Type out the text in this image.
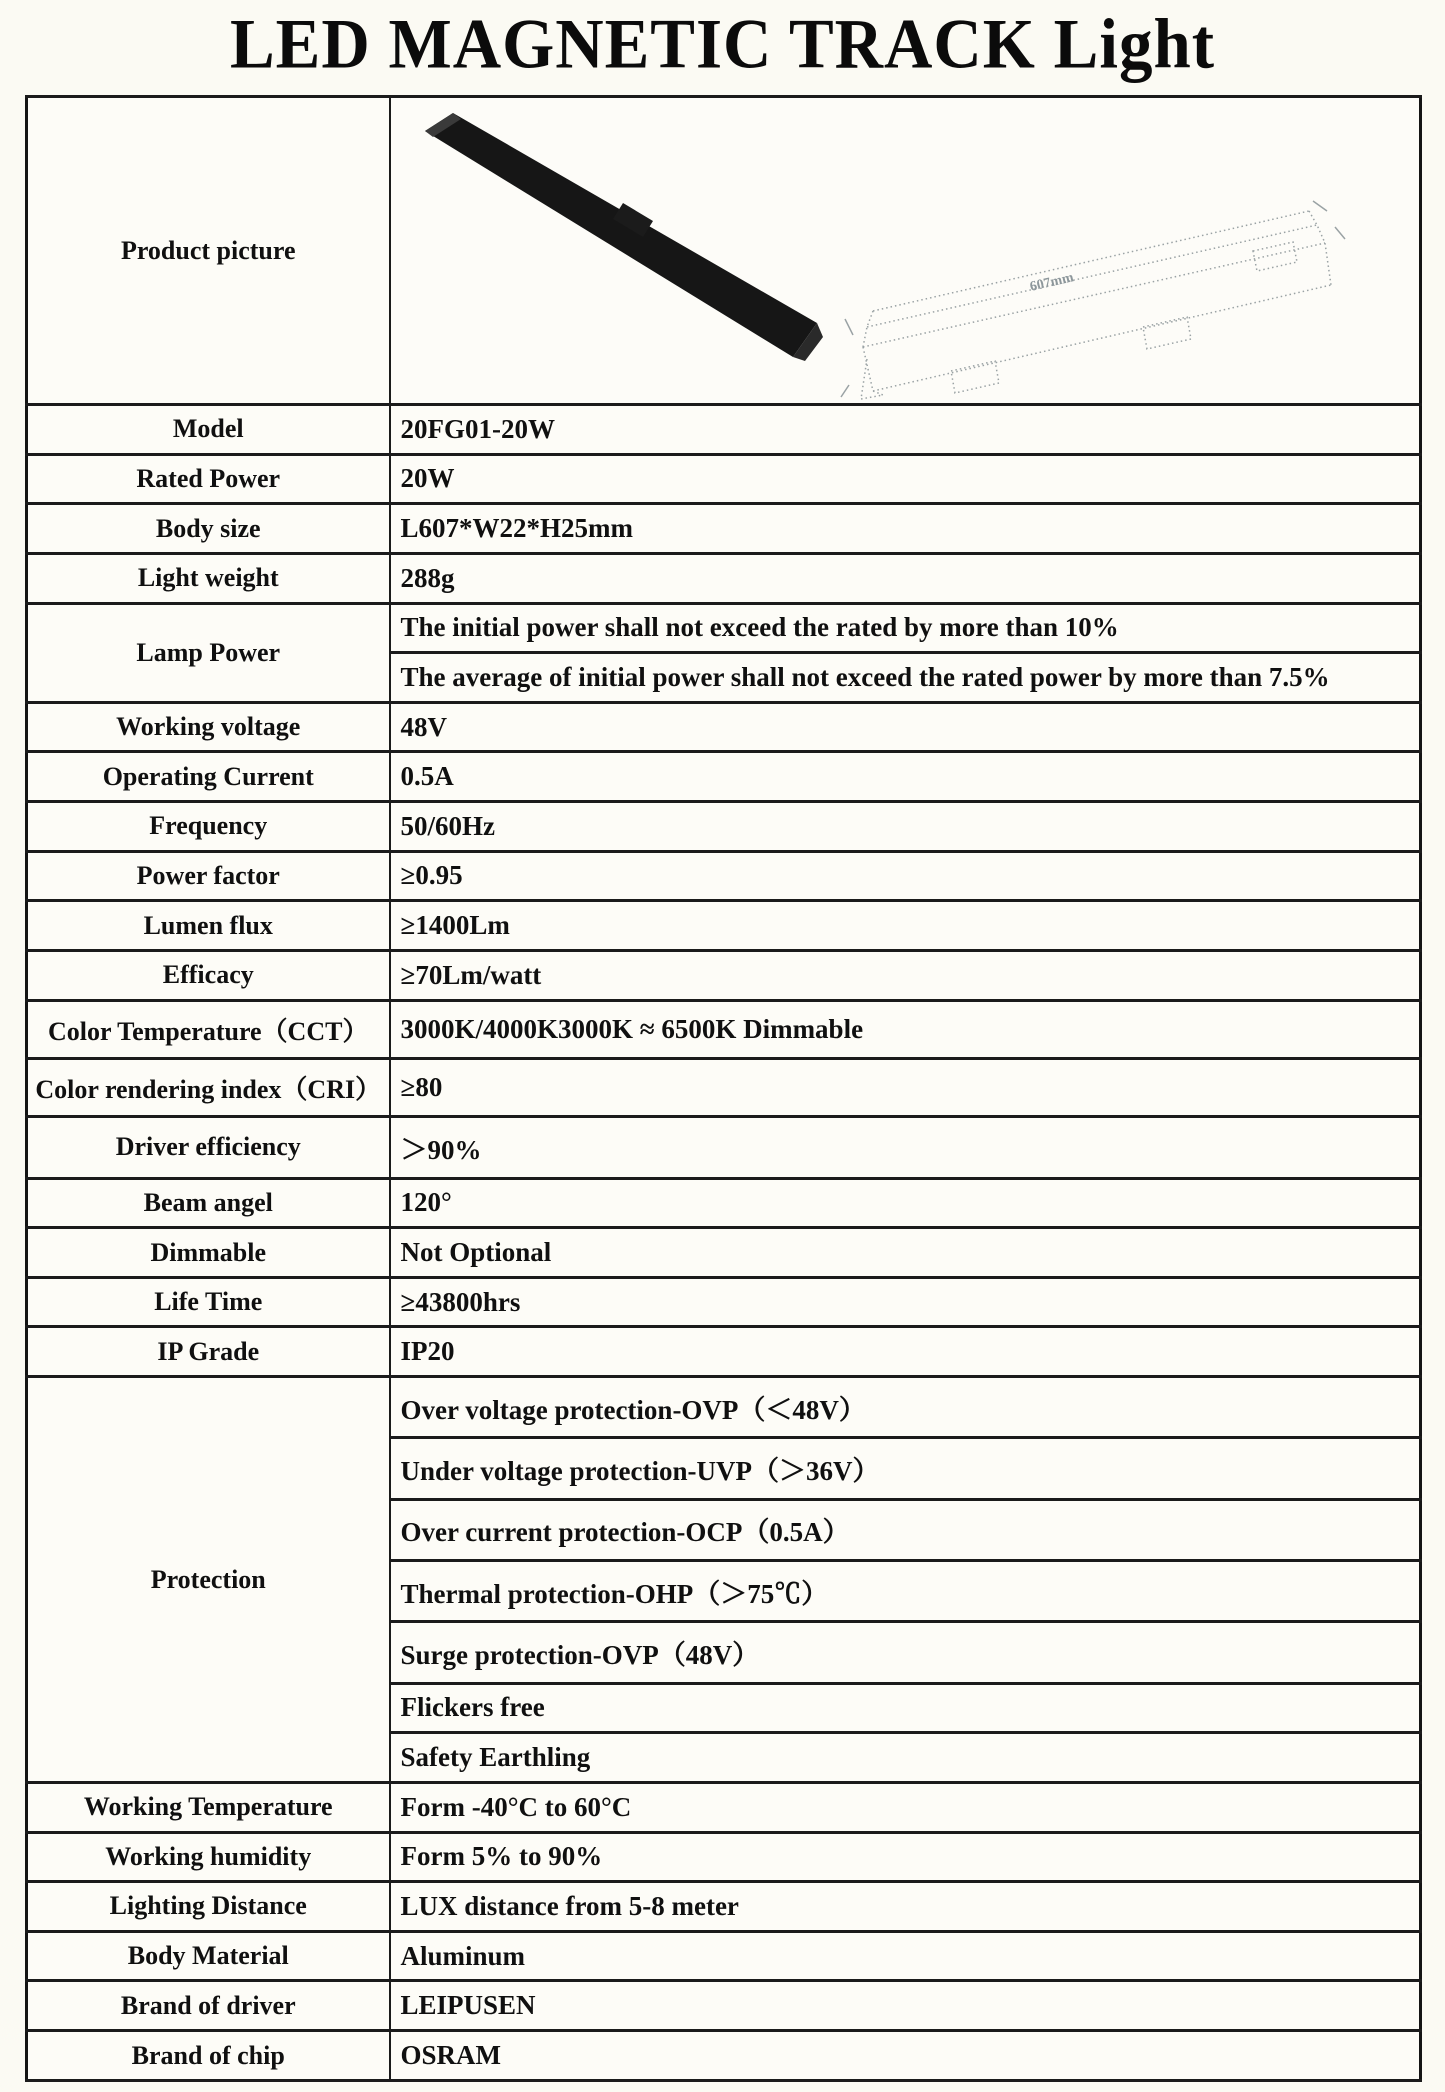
LED MAGNETIC TRACK Light
Product picture	607mm

Model	20FG01-20W
Rated Power	20W
Body size	L607*W22*H25mm
Light weight	288g
Lamp Power	The initial power shall not exceed the rated by more than 10%
	The average of initial power shall not exceed the rated power by more than 7.5%
Working voltage	48V
Operating Current	0.5A
Frequency	50/60Hz
Power factor	≥0.95
Lumen flux	≥1400Lm
Efficacy	≥70Lm/watt
Color Temperature（CCT）	3000K/4000K3000K ≈ 6500K Dimmable
Color rendering index（CRI）	≥80
Driver efficiency	＞90%
Beam angel	120°
Dimmable	Not Optional
Life Time	≥43800hrs
IP Grade	IP20
Protection	Over voltage protection-OVP（＜48V）
	Under voltage protection-UVP（＞36V）
	Over current protection-OCP（0.5A）
	Thermal protection-OHP（＞75℃）
	Surge protection-OVP（48V）
	Flickers free
	Safety Earthling
Working Temperature	Form -40°C to 60°C
Working humidity	Form 5% to 90%
Lighting Distance	LUX distance from 5-8 meter
Body Material	Aluminum
Brand of driver	LEIPUSEN
Brand of chip	OSRAM
